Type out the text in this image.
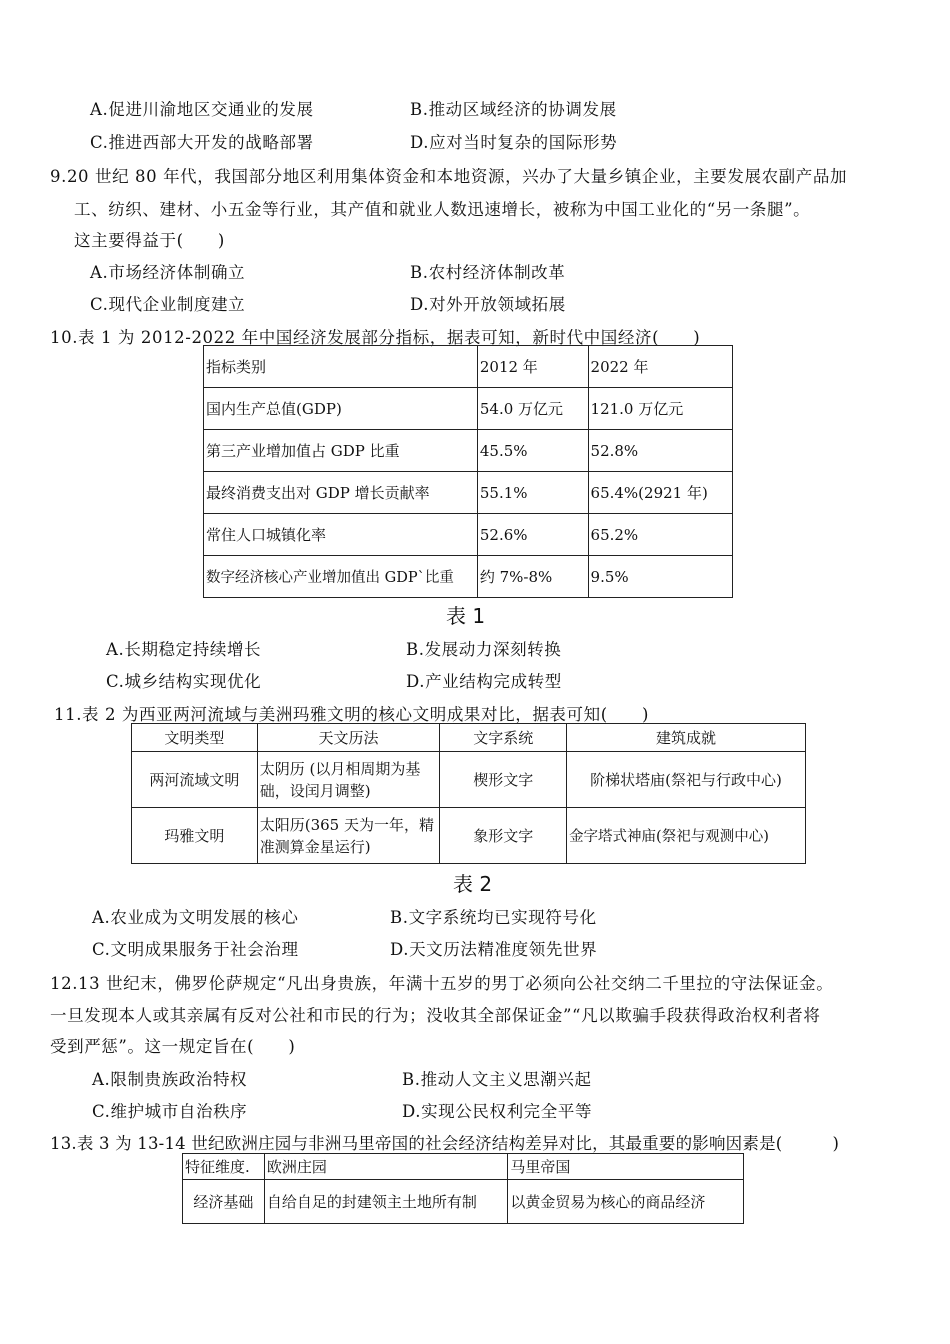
A.促进川渝地区交通业的发展	B.推动区域经济的协调发展
C.推进西部大开发的战略部署	D.应对当时复杂的国际形势
9.20 世纪 80 年代，我国部分地区利用集体资金和本地资源，兴办了大量乡镇企业，主要发展农副产品加
工、纺织、建材、小五金等行业，其产值和就业人数迅速增长，被称为中国工业化的“另一条腿”。
这主要得益于(　　)
A.市场经济体制确立	B.农村经济体制改革
C.现代企业制度建立	D.对外开放领域拓展
10.表 1 为 2012-2022 年中国经济发展部分指标，据表可知，新时代中国经济(　　)
指标类别	2012 年	2022 年
国内生产总值(GDP)	54.0 万亿元	121.0 万亿元
第三产业增加值占 GDP 比重	45.5%	52.8%
最终消费支出对 GDP 增长贡献率	55.1%	65.4%(2921 年)
常住人口城镇化率	52.6%	65.2%
数字经济核心产业增加值出 GDP`比重	约 7%-8%	9.5%
表 1
A.长期稳定持续增长	B.发展动力深刻转换
C.城乡结构实现优化	D.产业结构完成转型
11.表 2 为西亚两河流域与美洲玛雅文明的核心文明成果对比，据表可知(　　)
文明类型	天文历法	文字系统	建筑成就
两河流域文明	太阴历 (以月相周期为基础，设闰月调整)	楔形文字	阶梯状塔庙(祭祀与行政中心)
玛雅文明	太阳历(365 天为一年，精准测算金星运行)	象形文字	金字塔式神庙(祭祀与观测中心)
表 2
A.农业成为文明发展的核心	B.文字系统均已实现符号化
C.文明成果服务于社会治理	D.天文历法精准度领先世界
12.13 世纪末，佛罗伦萨规定“凡出身贵族，年满十五岁的男丁必须向公社交纳二千里拉的守法保证金。
一旦发现本人或其亲属有反对公社和市民的行为；没收其全部保证金”“凡以欺骗手段获得政治权利者将
受到严惩”。这一规定旨在(　　)
A.限制贵族政治特权	B.推动人文主义思潮兴起
C.维护城市自治秩序	D.实现公民权利完全平等
13.表 3 为 13-14 世纪欧洲庄园与非洲马里帝国的社会经济结构差异对比，其最重要的影响因素是(　　　)
特征维度.	欧洲庄园	马里帝国
经济基础	自给自足的封建领主土地所有制	以黄金贸易为核心的商品经济
